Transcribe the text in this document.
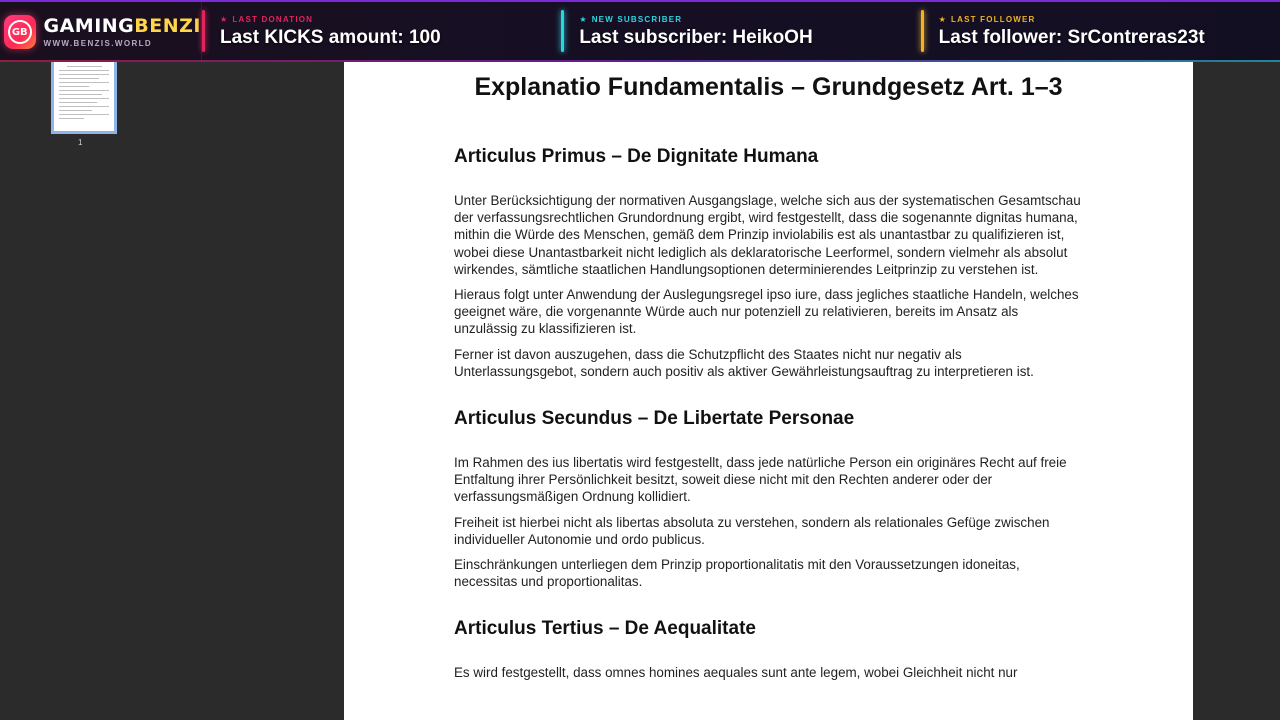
GB GAMINGBENZI
WWW.BENZIS.WORLD
★ LAST DONATION
Last KICKS amount: 100
★ NEW SUBSCRIBER
Last subscriber: HeikoOH
★ LAST FOLLOWER
Last follower: SrContreras23t
1
Explanatio Fundamentalis – Grundgesetz Art. 1–3
Articulus Primus – De Dignitate Humana

Unter Berücksichtigung der normativen Ausgangslage, welche sich aus der systematischen Gesamtschau der verfassungsrechtlichen Grundordnung ergibt, wird festgestellt, dass die sogenannte dignitas humana, mithin die Würde des Menschen, gemäß dem Prinzip inviolabilis est als unantastbar zu qualifizieren ist, wobei diese Unantastbarkeit nicht lediglich als deklaratorische Leerformel, sondern vielmehr als absolut wirkendes, sämtliche staatlichen Handlungsoptionen determinierendes Leitprinzip zu verstehen ist.

Hieraus folgt unter Anwendung der Auslegungsregel ipso iure, dass jegliches staatliche Handeln, welches geeignet wäre, die vorgenannte Würde auch nur potenziell zu relativieren, bereits im Ansatz als unzulässig zu klassifizieren ist.

Ferner ist davon auszugehen, dass die Schutzpflicht des Staates nicht nur negativ als Unterlassungsgebot, sondern auch positiv als aktiver Gewährleistungsauftrag zu interpretieren ist.

Articulus Secundus – De Libertate Personae

Im Rahmen des ius libertatis wird festgestellt, dass jede natürliche Person ein originäres Recht auf freie Entfaltung ihrer Persönlichkeit besitzt, soweit diese nicht mit den Rechten anderer oder der verfassungsmäßigen Ordnung kollidiert.

Freiheit ist hierbei nicht als libertas absoluta zu verstehen, sondern als relationales Gefüge zwischen individueller Autonomie und ordo publicus.

Einschränkungen unterliegen dem Prinzip proportionalitatis mit den Voraussetzungen idoneitas, necessitas und proportionalitas.

Articulus Tertius – De Aequalitate

Es wird festgestellt, dass omnes homines aequales sunt ante legem, wobei Gleichheit nicht nur
